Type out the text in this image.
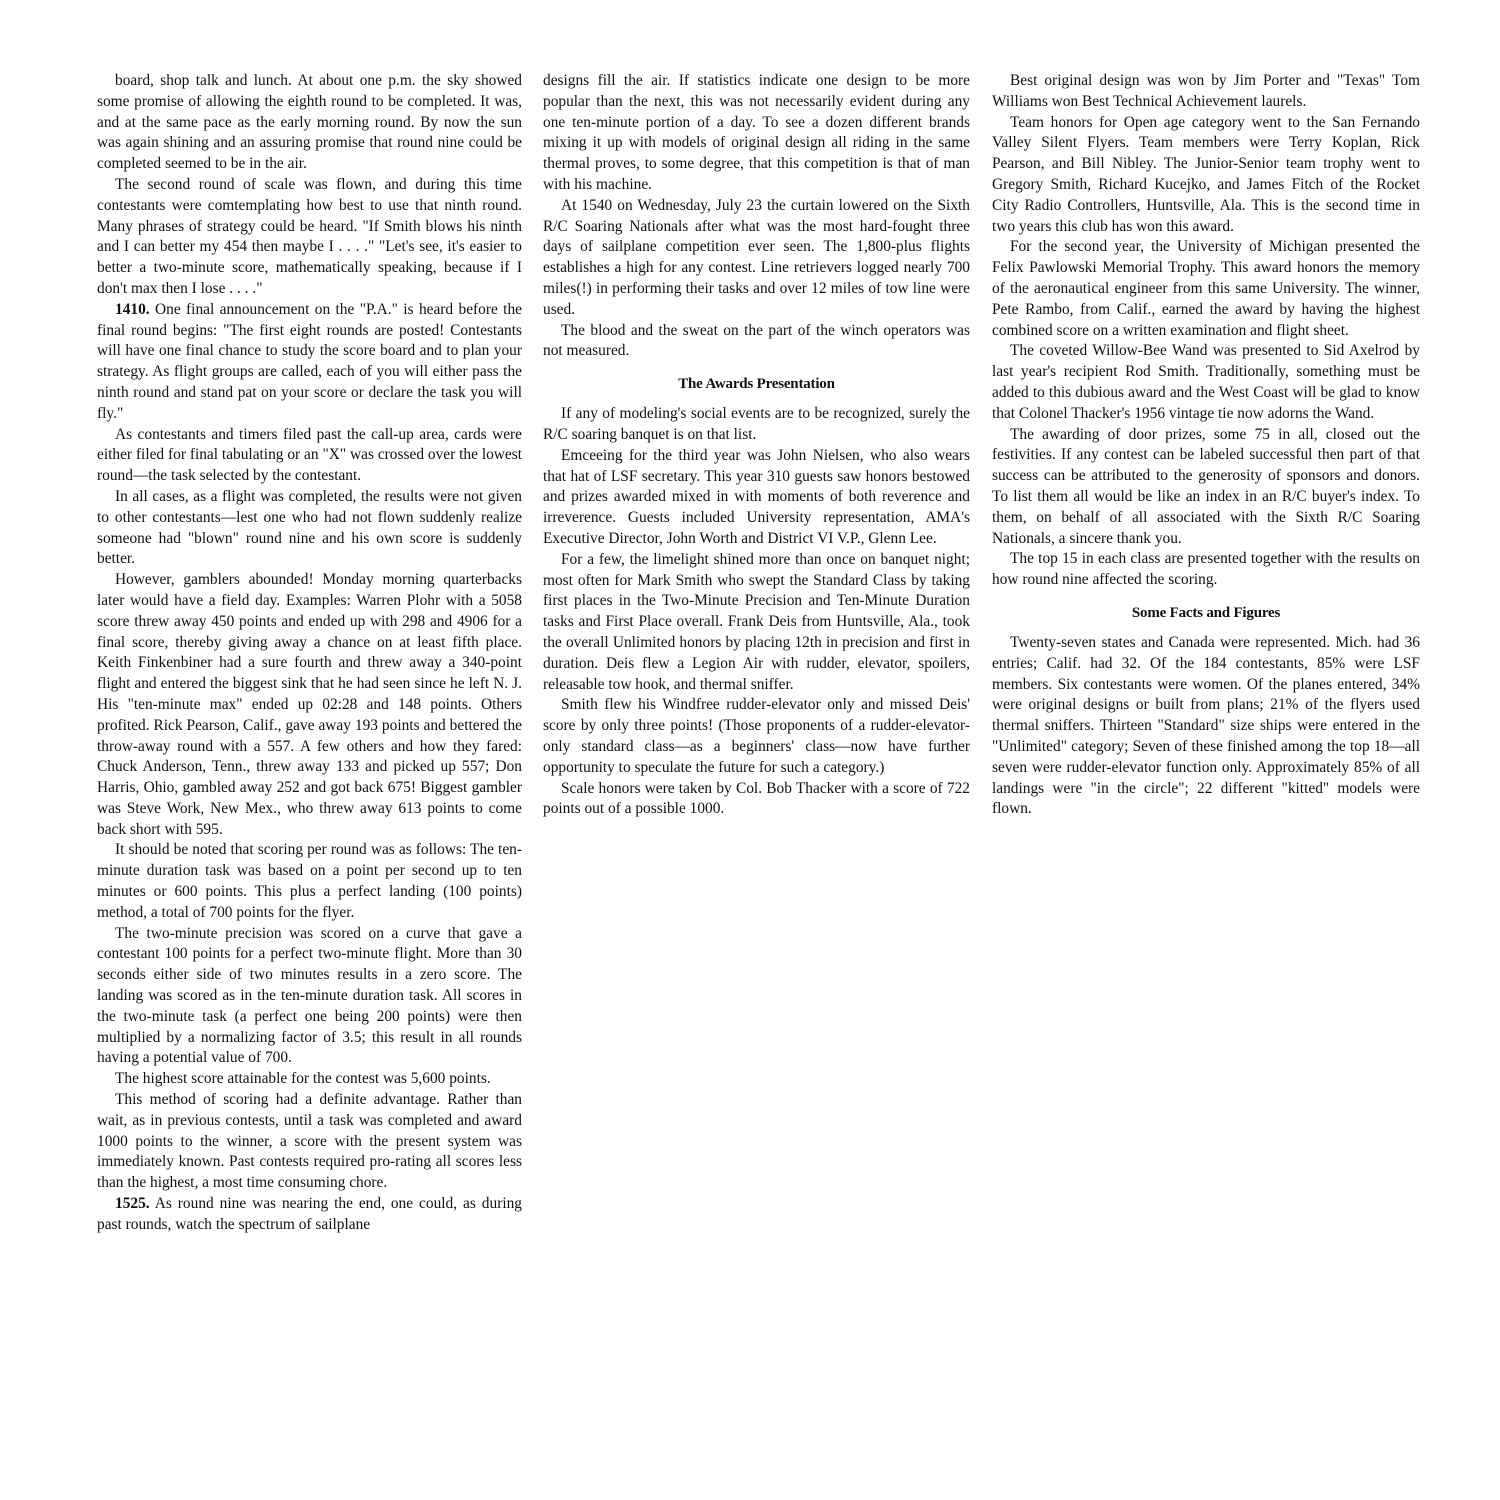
board, shop talk and lunch. At about one p.m. the sky showed some promise of allowing the eighth round to be completed. It was, and at the same pace as the early morning round. By now the sun was again shining and an assuring promise that round nine could be completed seemed to be in the air.

The second round of scale was flown, and during this time contestants were comtemplating how best to use that ninth round. Many phrases of strategy could be heard. "If Smith blows his ninth and I can better my 454 then maybe I . . . ." "Let's see, it's easier to better a two-minute score, mathematically speaking, because if I don't max then I lose . . . ."

1410. One final announcement on the "P.A." is heard before the final round begins: "The first eight rounds are posted! Contestants will have one final chance to study the score board and to plan your strategy. As flight groups are called, each of you will either pass the ninth round and stand pat on your score or declare the task you will fly."

As contestants and timers filed past the call-up area, cards were either filed for final tabulating or an "X" was crossed over the lowest round—the task selected by the contestant.

In all cases, as a flight was completed, the results were not given to other contestants—lest one who had not flown suddenly realize someone had "blown" round nine and his own score is suddenly better.

However, gamblers abounded! Monday morning quarterbacks later would have a field day. Examples: Warren Plohr with a 5058 score threw away 450 points and ended up with 298 and 4906 for a final score, thereby giving away a chance on at least fifth place. Keith Finkenbiner had a sure fourth and threw away a 340-point flight and entered the biggest sink that he had seen since he left N. J. His "ten-minute max" ended up 02:28 and 148 points. Others profited. Rick Pearson, Calif., gave away 193 points and bettered the throw-away round with a 557. A few others and how they fared: Chuck Anderson, Tenn., threw away 133 and picked up 557; Don Harris, Ohio, gambled away 252 and got back 675! Biggest gambler was Steve Work, New Mex., who threw away 613 points to come back short with 595.

It should be noted that scoring per round was as follows: The ten-minute duration task was based on a point per second up to ten minutes or 600 points. This plus a perfect landing (100 points) method, a total of 700 points for the flyer.

The two-minute precision was scored on a curve that gave a contestant 100 points for a perfect two-minute flight. More than 30 seconds either side of two minutes results in a zero score. The landing was scored as in the ten-minute duration task. All scores in the two-minute task (a perfect one being 200 points) were then multiplied by a normalizing factor of 3.5; this result in all rounds having a potential value of 700.

The highest score attainable for the contest was 5,600 points.

This method of scoring had a definite advantage. Rather than wait, as in previous contests, until a task was completed and award 1000 points to the winner, a score with the present system was immediately known. Past contests required pro-rating all scores less than the highest, a most time consuming chore.

1525. As round nine was nearing the end, one could, as during past rounds, watch the spectrum of sailplane

designs fill the air. If statistics indicate one design to be more popular than the next, this was not necessarily evident during any one ten-minute portion of a day. To see a dozen different brands mixing it up with models of original design all riding in the same thermal proves, to some degree, that this competition is that of man with his machine.

At 1540 on Wednesday, July 23 the curtain lowered on the Sixth R/C Soaring Nationals after what was the most hard-fought three days of sailplane competition ever seen. The 1,800-plus flights establishes a high for any contest. Line retrievers logged nearly 700 miles(!) in performing their tasks and over 12 miles of tow line were used.

The blood and the sweat on the part of the winch operators was not measured.

The Awards Presentation

If any of modeling's social events are to be recognized, surely the R/C soaring banquet is on that list.

Emceeing for the third year was John Nielsen, who also wears that hat of LSF secretary. This year 310 guests saw honors bestowed and prizes awarded mixed in with moments of both reverence and irreverence. Guests included University representation, AMA's Executive Director, John Worth and District VI V.P., Glenn Lee.

For a few, the limelight shined more than once on banquet night; most often for Mark Smith who swept the Standard Class by taking first places in the Two-Minute Precision and Ten-Minute Duration tasks and First Place overall. Frank Deis from Huntsville, Ala., took the overall Unlimited honors by placing 12th in precision and first in duration. Deis flew a Legion Air with rudder, elevator, spoilers, releasable tow hook, and thermal sniffer.

Smith flew his Windfree rudder-elevator only and missed Deis' score by only three points! (Those proponents of a rudder-elevator-only standard class—as a beginners' class—now have further opportunity to speculate the future for such a category.)

Scale honors were taken by Col. Bob Thacker with a score of 722 points out of a possible 1000.

Best original design was won by Jim Porter and "Texas" Tom Williams won Best Technical Achievement laurels.

Team honors for Open age category went to the San Fernando Valley Silent Flyers. Team members were Terry Koplan, Rick Pearson, and Bill Nibley. The Junior-Senior team trophy went to Gregory Smith, Richard Kucejko, and James Fitch of the Rocket City Radio Controllers, Huntsville, Ala. This is the second time in two years this club has won this award.

For the second year, the University of Michigan presented the Felix Pawlowski Memorial Trophy. This award honors the memory of the aeronautical engineer from this same University. The winner, Pete Rambo, from Calif., earned the award by having the highest combined score on a written examination and flight sheet.

The coveted Willow-Bee Wand was presented to Sid Axelrod by last year's recipient Rod Smith. Traditionally, something must be added to this dubious award and the West Coast will be glad to know that Colonel Thacker's 1956 vintage tie now adorns the Wand.

The awarding of door prizes, some 75 in all, closed out the festivities. If any contest can be labeled successful then part of that success can be attributed to the generosity of sponsors and donors. To list them all would be like an index in an R/C buyer's index. To them, on behalf of all associated with the Sixth R/C Soaring Nationals, a sincere thank you.

The top 15 in each class are presented together with the results on how round nine affected the scoring.

Some Facts and Figures

Twenty-seven states and Canada were represented. Mich. had 36 entries; Calif. had 32. Of the 184 contestants, 85% were LSF members. Six contestants were women. Of the planes entered, 34% were original designs or built from plans; 21% of the flyers used thermal sniffers. Thirteen "Standard" size ships were entered in the "Unlimited" category; Seven of these finished among the top 18—all seven were rudder-elevator function only. Approximately 85% of all landings were "in the circle"; 22 different "kitted" models were flown.
